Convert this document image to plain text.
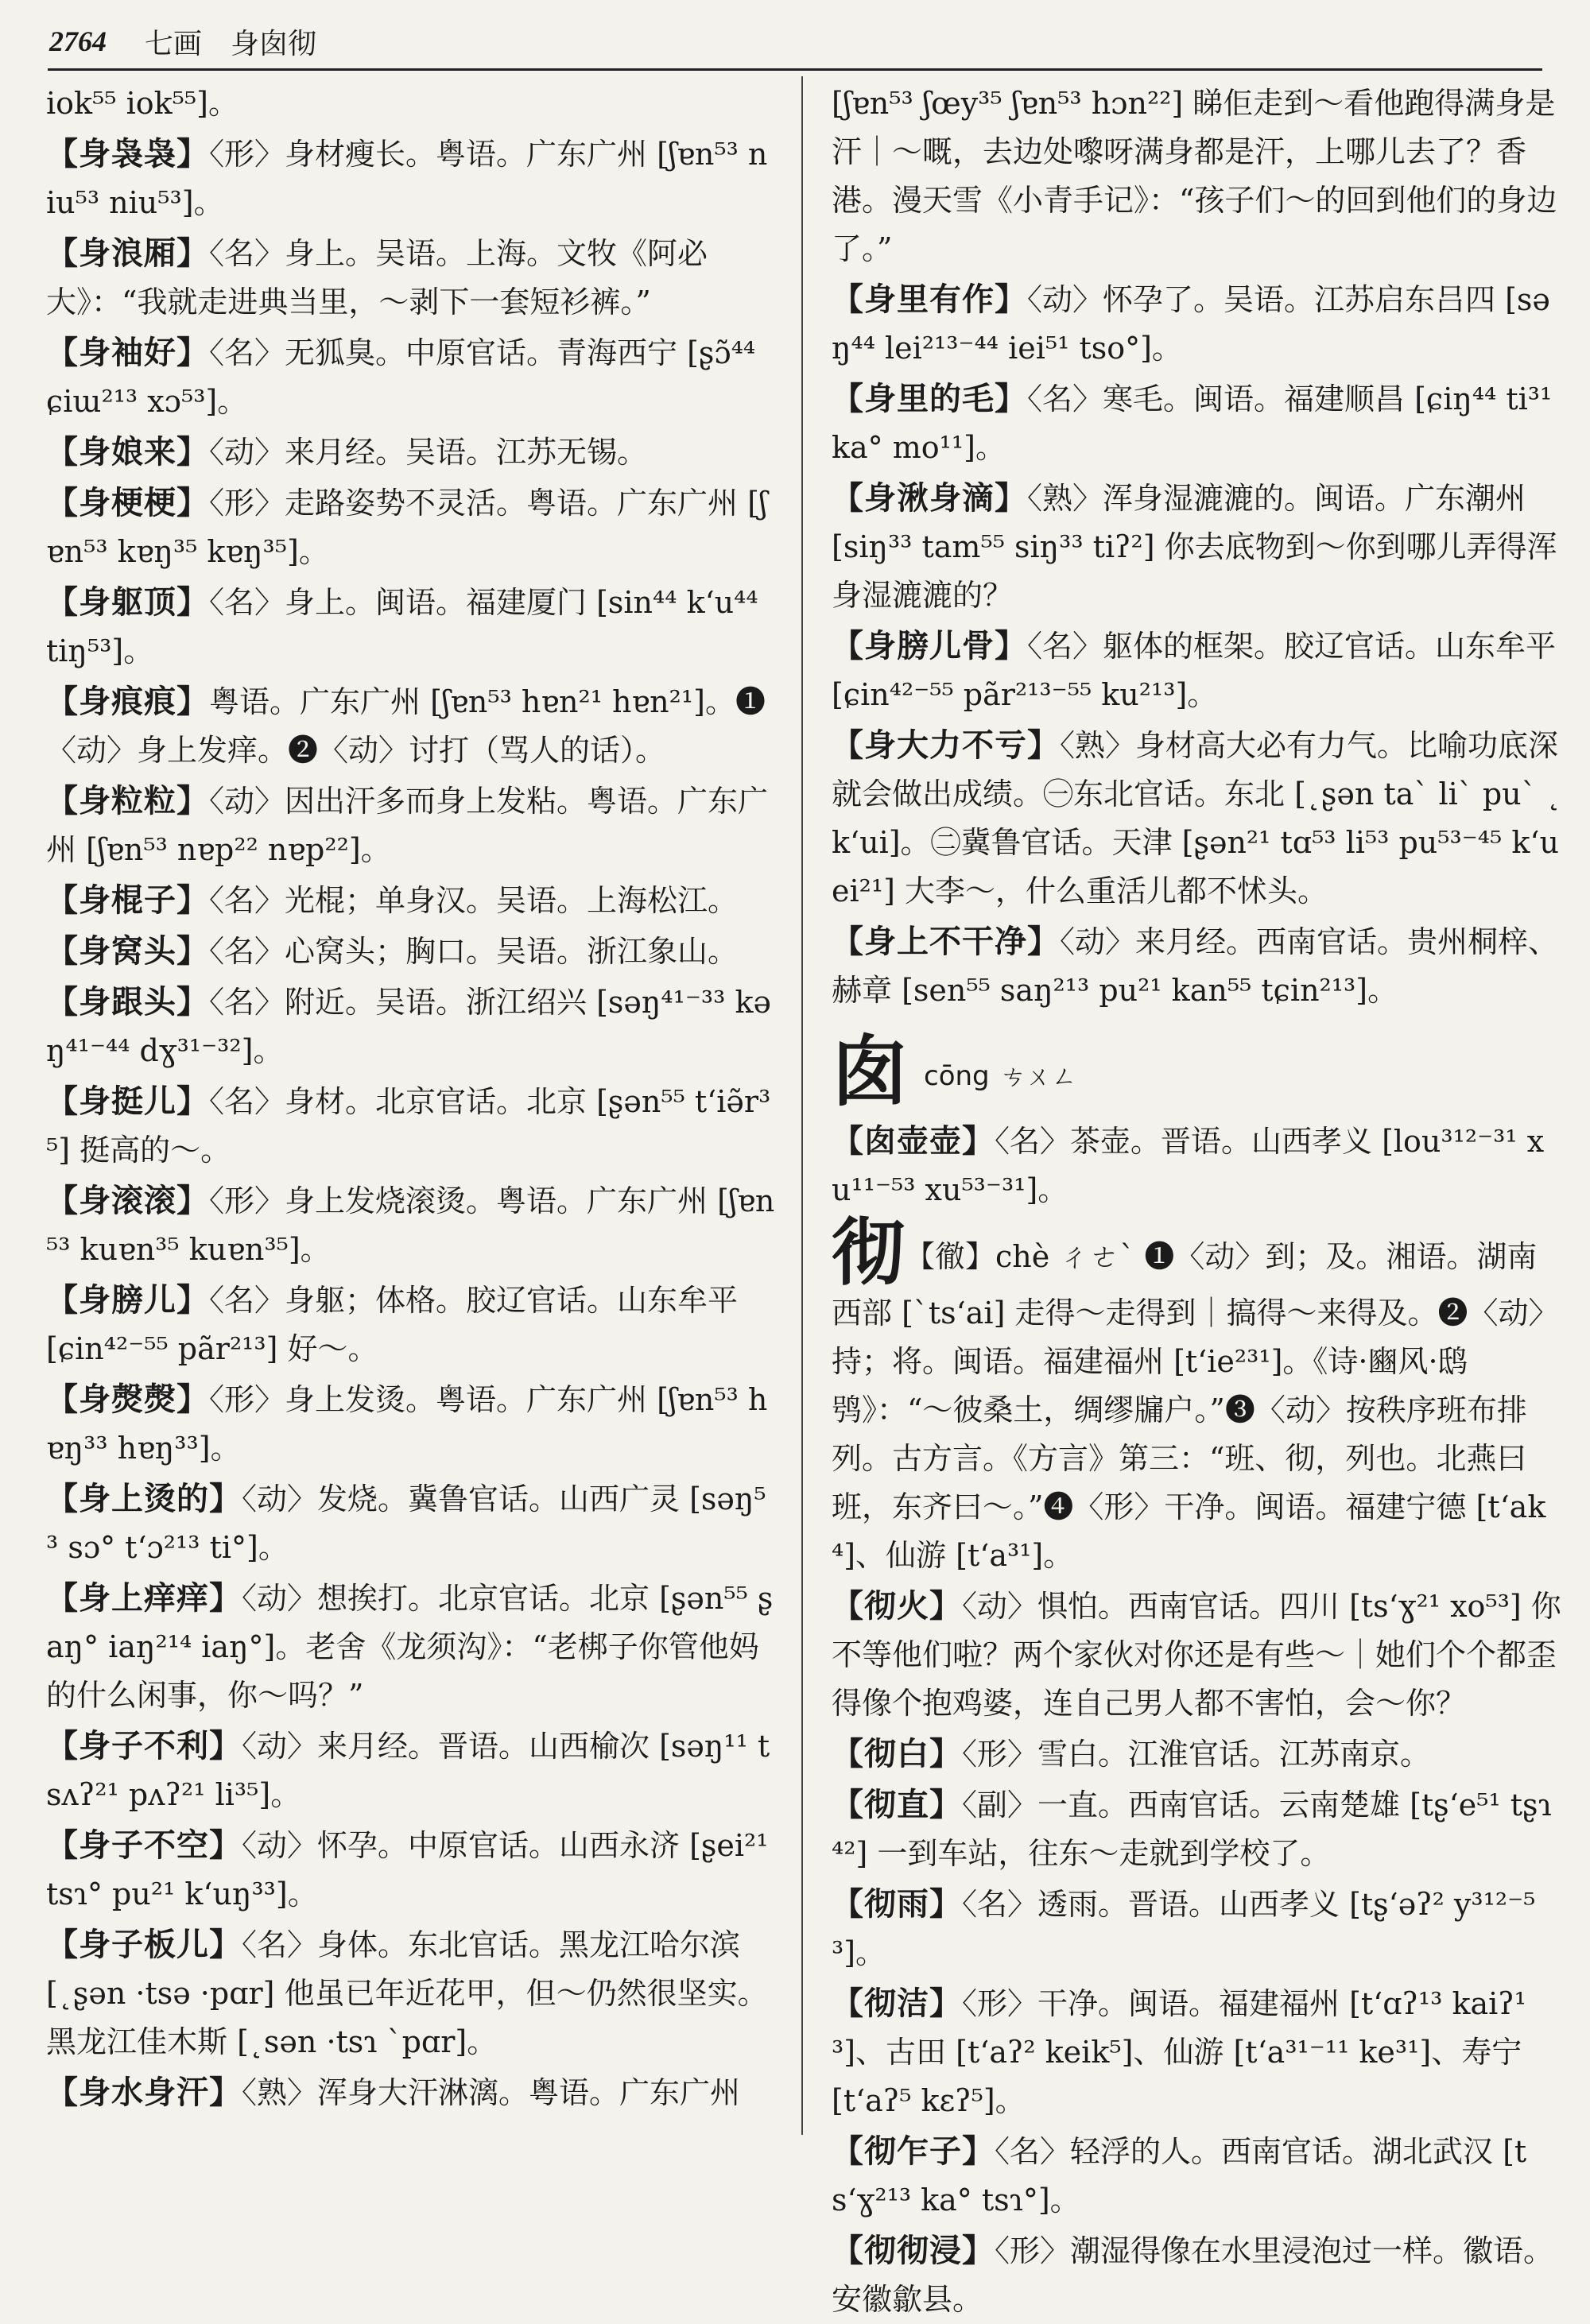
2764 七画　身囱彻

iok⁵⁵ iok⁵⁵]。

【身袅袅】〈形〉身材瘦长。粤语。广东广州 [ʃɐn⁵³ niu⁵³ niu⁵³]。

【身浪厢】〈名〉身上。吴语。上海。文牧《阿必大》：“我就走进典当里，～剥下一套短衫裤。”

【身袖好】〈名〉无狐臭。中原官话。青海西宁 [ʂɔ̃⁴⁴ ɕiɯ²¹³ xɔ⁵³]。

【身娘来】〈动〉来月经。吴语。江苏无锡。

【身梗梗】〈形〉走路姿势不灵活。粤语。广东广州 [ʃɐn⁵³ kɐŋ³⁵ kɐŋ³⁵]。

【身躯顶】〈名〉身上。闽语。福建厦门 [sin⁴⁴ k‘u⁴⁴ tiŋ⁵³]。

【身痕痕】粤语。广东广州 [ʃɐn⁵³ hɐn²¹ hɐn²¹]。❶〈动〉身上发痒。❷〈动〉讨打（骂人的话）。

【身粒粒】〈动〉因出汗多而身上发粘。粤语。广东广州 [ʃɐn⁵³ nɐp²² nɐp²²]。

【身棍子】〈名〉光棍；单身汉。吴语。上海松江。

【身窝头】〈名〉心窝头；胸口。吴语。浙江象山。

【身跟头】〈名〉附近。吴语。浙江绍兴 [səŋ⁴¹⁻³³ kəŋ⁴¹⁻⁴⁴ dɣ³¹⁻³²]。

【身挺儿】〈名〉身材。北京官话。北京 [ʂən⁵⁵ t‘iə̃r³⁵] 挺高的～。

【身滚滚】〈形〉身上发烧滚烫。粤语。广东广州 [ʃɐn⁵³ kuɐn³⁵ kuɐn³⁵]。

【身膀儿】〈名〉身躯；体格。胶辽官话。山东牟平 [ɕin⁴²⁻⁵⁵ pãr²¹³] 好～。

【身㷫㷫】〈形〉身上发烫。粤语。广东广州 [ʃɐn⁵³ hɐŋ³³ hɐŋ³³]。

【身上烫的】〈动〉发烧。冀鲁官话。山西广灵 [səŋ⁵³ sɔ° t‘ɔ²¹³ ti°]。

【身上痒痒】〈动〉想挨打。北京官话。北京 [ʂən⁵⁵ ʂaŋ° iaŋ²¹⁴ iaŋ°]。老舍《龙须沟》：“老梆子你管他妈的什么闲事，你～吗？”

【身子不利】〈动〉来月经。晋语。山西榆次 [səŋ¹¹ tsʌʔ²¹ pʌʔ²¹ li³⁵]。

【身子不空】〈动〉怀孕。中原官话。山西永济 [ʂei²¹ tsɿ° pu²¹ k‘uŋ³³]。

【身子板儿】〈名〉身体。东北官话。黑龙江哈尔滨 [˛ʂən ·tsə ·pɑr] 他虽已年近花甲，但～仍然很坚实。黑龙江佳木斯 [˛sən ·tsɿ ˋpɑr]。

【身水身汗】〈熟〉浑身大汗淋漓。粤语。广东广州

[ʃɐn⁵³ ʃœy³⁵ ʃɐn⁵³ hɔn²²] 睇佢走到～看他跑得满身是汗｜～嘅，去边处嚟呀满身都是汗，上哪儿去了？香港。漫天雪《小青手记》：“孩子们～的回到他们的身边了。”

【身里有作】〈动〉怀孕了。吴语。江苏启东吕四 [səŋ⁴⁴ lei²¹³⁻⁴⁴ iei⁵¹ tso°]。

【身里的毛】〈名〉寒毛。闽语。福建顺昌 [ɕiŋ⁴⁴ ti³¹ ka° mo¹¹]。

【身湫身滴】〈熟〉浑身湿漉漉的。闽语。广东潮州 [siŋ³³ tam⁵⁵ siŋ³³ tiʔ²] 你去底物到～你到哪儿弄得浑身湿漉漉的？

【身膀儿骨】〈名〉躯体的框架。胶辽官话。山东牟平 [ɕin⁴²⁻⁵⁵ pãr²¹³⁻⁵⁵ ku²¹³]。

【身大力不亏】〈熟〉身材高大必有力气。比喻功底深就会做出成绩。㊀东北官话。东北 [˛ʂən taˋ liˋ puˋ ˛k‘ui]。㊁冀鲁官话。天津 [ʂən²¹ tɑ⁵³ li⁵³ pu⁵³⁻⁴⁵ k‘uei²¹] 大李～，什么重活儿都不怵头。

【身上不干净】〈动〉来月经。西南官话。贵州桐梓、赫章 [sen⁵⁵ saŋ²¹³ pu²¹ kan⁵⁵ tɕin²¹³]。

囱 cōng ㄘㄨㄥ

【囱壶壶】〈名〉茶壶。晋语。山西孝义 [lou³¹²⁻³¹ xu¹¹⁻⁵³ xu⁵³⁻³¹]。

彻【徹】chè ㄔㄜˋ ❶〈动〉到；及。湘语。湖南西部 [ˋts‘ai] 走得～走得到｜搞得～来得及。❷〈动〉持；将。闽语。福建福州 [t‘ie²³¹]。《诗·豳风·鸱鸮》：“～彼桑土，绸缪牖户。”❸〈动〉按秩序班布排列。古方言。《方言》第三：“班、彻，列也。北燕曰班，东齐曰～。”❹〈形〉干净。闽语。福建宁德 [t‘ak⁴]、仙游 [t‘a³¹]。

【彻火】〈动〉惧怕。西南官话。四川 [ts‘ɣ²¹ xo⁵³] 你不等他们啦？两个家伙对你还是有些～｜她们个个都歪得像个抱鸡婆，连自己男人都不害怕，会～你？

【彻白】〈形〉雪白。江淮官话。江苏南京。

【彻直】〈副〉一直。西南官话。云南楚雄 [tʂ‘e⁵¹ tʂɿ⁴²] 一到车站，往东～走就到学校了。

【彻雨】〈名〉透雨。晋语。山西孝义 [tʂ‘əʔ² y³¹²⁻⁵³]。

【彻洁】〈形〉干净。闽语。福建福州 [t‘ɑʔ¹³ kaiʔ¹³]、古田 [t‘aʔ² keik⁵]、仙游 [t‘a³¹⁻¹¹ ke³¹]、寿宁 [t‘aʔ⁵ kɛʔ⁵]。

【彻乍子】〈名〉轻浮的人。西南官话。湖北武汉 [ts‘ɣ²¹³ ka° tsɿ°]。

【彻彻浸】〈形〉潮湿得像在水里浸泡过一样。徽语。安徽歙县。
